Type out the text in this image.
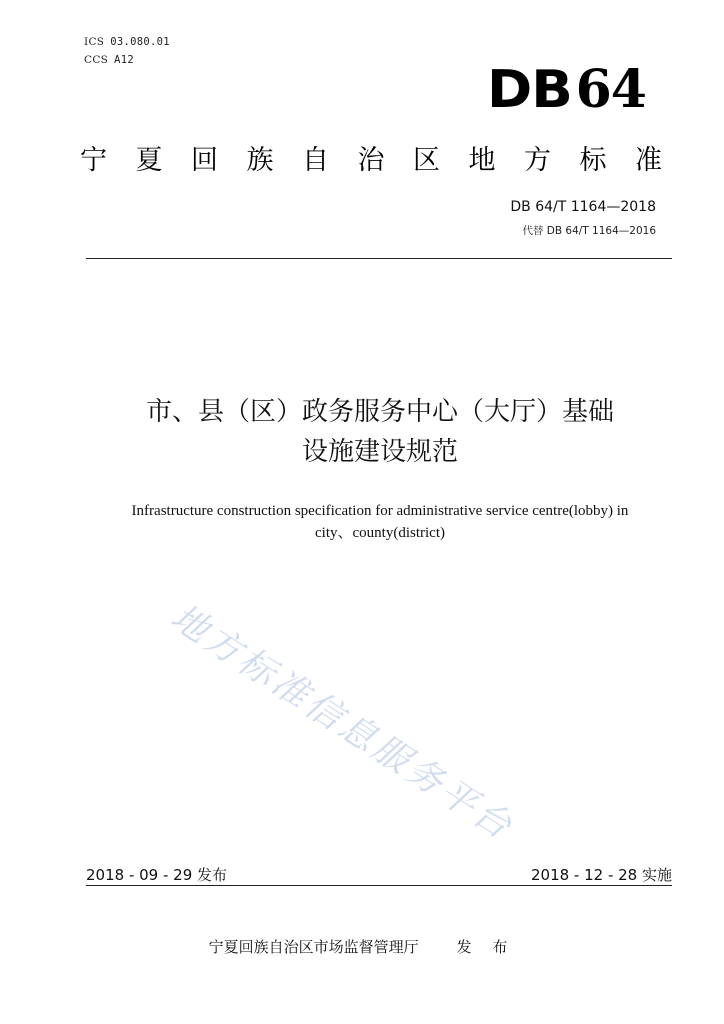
ICS 03.080.01
CCS A12	DB64
宁夏回族自治区地方标准
DB 64/T 1164—2018
代替 DB 64/T 1164—2016
市、县（区）政务服务中心（大厅）基础
设施建设规范
Infrastructure construction specification for administrative service centre(lobby) in
city、county(district)
地方标准信息服务平台
2018 - 09 - 29 发布	2018 - 12 - 28 实施
宁夏回族自治区市场监督管理厅	发 布
